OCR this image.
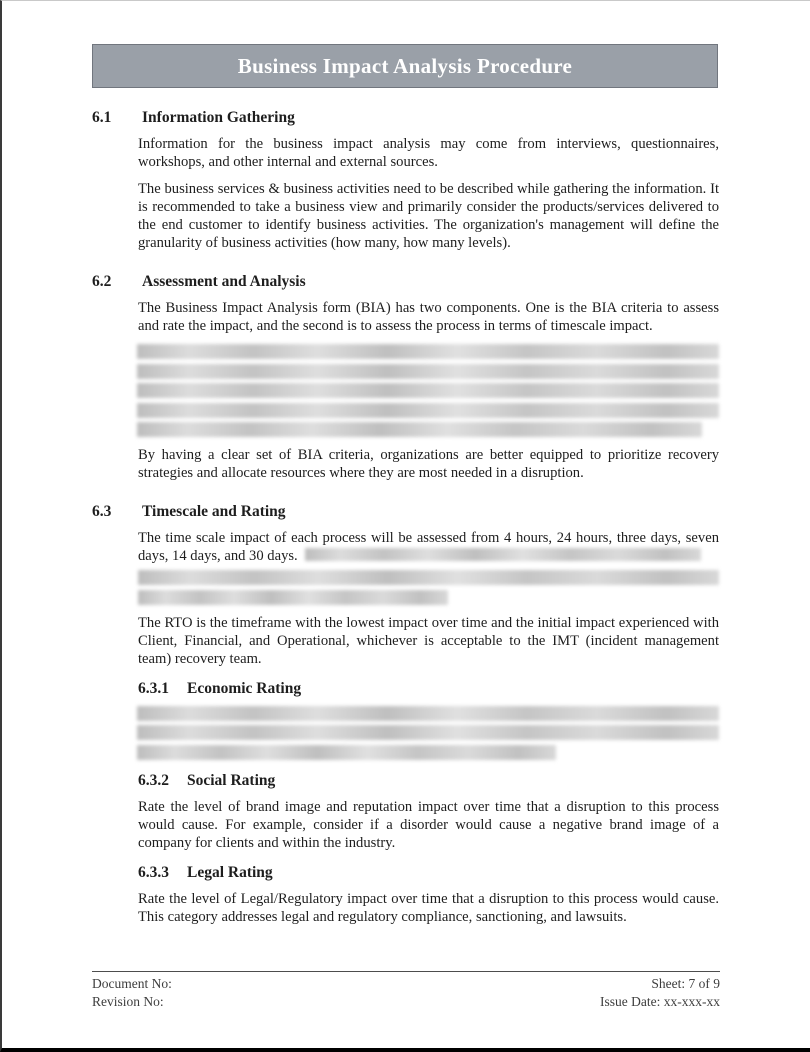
Business Impact Analysis Procedure
6.1	Information Gathering
Information for the business impact analysis may come from interviews, questionnaires, workshops, and other internal and external sources.
The business services & business activities need to be described while gathering the information. It is recommended to take a business view and primarily consider the products/services delivered to the end customer to identify business activities. The organization's management will define the granularity of business activities (how many, how many levels).
6.2	Assessment and Analysis
The Business Impact Analysis form (BIA) has two components. One is the BIA criteria to assess and rate the impact, and the second is to assess the process in terms of timescale impact.
By having a clear set of BIA criteria, organizations are better equipped to prioritize recovery strategies and allocate resources where they are most needed in a disruption.
6.3	Timescale and Rating
The time scale impact of each process will be assessed from 4 hours, 24 hours, three days, seven days, 14 days, and 30 days.
The RTO is the timeframe with the lowest impact over time and the initial impact experienced with Client, Financial, and Operational, whichever is acceptable to the IMT (incident management team) recovery team.
6.3.1	Economic Rating
6.3.2	Social Rating
Rate the level of brand image and reputation impact over time that a disruption to this process would cause. For example, consider if a disorder would cause a negative brand image of a company for clients and within the industry.
6.3.3	Legal Rating
Rate the level of Legal/Regulatory impact over time that a disruption to this process would cause. This category addresses legal and regulatory compliance, sanctioning, and lawsuits.
Document No:
Revision No:
Sheet: 7 of 9
Issue Date: xx-xxx-xx
